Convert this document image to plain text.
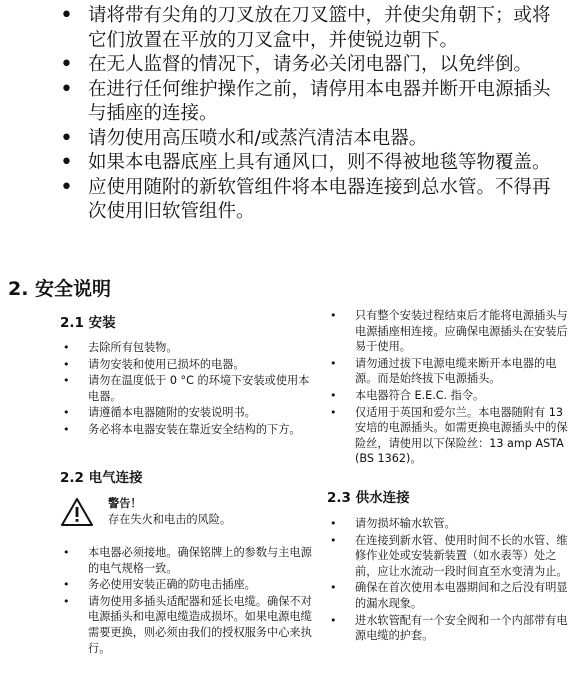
• 请将带有尖角的刀叉放在刀叉篮中，并使尖角朝下；或将它们放置在平放的刀叉盒中，并使锐边朝下。

• 在无人监督的情况下，请务必关闭电器门，以免绊倒。

• 在进行任何维护操作之前，请停用本电器并断开电源插头与插座的连接。

• 请勿使用高压喷水和/或蒸汽清洁本电器。

• 如果本电器底座上具有通风口，则不得被地毯等物覆盖。

• 应使用随附的新软管组件将本电器连接到总水管。不得再次使用旧软管组件。

2. 安全说明
2.1 安装

• 去除所有包装物。

• 请勿安装和使用已损坏的电器。

• 请勿在温度低于 0 °C 的环境下安装或使用本电器。

• 请遵循本电器随附的安装说明书。

• 务必将本电器安装在靠近安全结构的下方。

2.2 电气连接
警告！
存在失火和电击的风险。

• 本电器必须接地。确保铭牌上的参数与主电源的电气规格一致。

• 务必使用安装正确的防电击插座。

• 请勿使用多插头适配器和延长电缆。确保不对电源插头和电源电缆造成损坏。如果电源电缆需要更换，则必须由我们的授权服务中心来执行。

• 只有整个安装过程结束后才能将电源插头与电源插座相连接。应确保电源插头在安装后易于使用。

• 请勿通过拔下电源电缆来断开本电器的电源。而是始终拔下电源插头。

• 本电器符合 E.E.C. 指令。

• 仅适用于英国和爱尔兰。本电器随附有 13 安培的电源插头。如需更换电源插头中的保险丝，请使用以下保险丝：13 amp ASTA (BS 1362)。

2.3 供水连接

• 请勿损坏输水软管。

• 在连接到新水管、使用时间不长的水管、维修作业处或安装新装置（如水表等）处之前，应让水流动一段时间直至水变清为止。

• 确保在首次使用本电器期间和之后没有明显的漏水现象。

• 进水软管配有一个安全阀和一个内部带有电源电缆的护套。
